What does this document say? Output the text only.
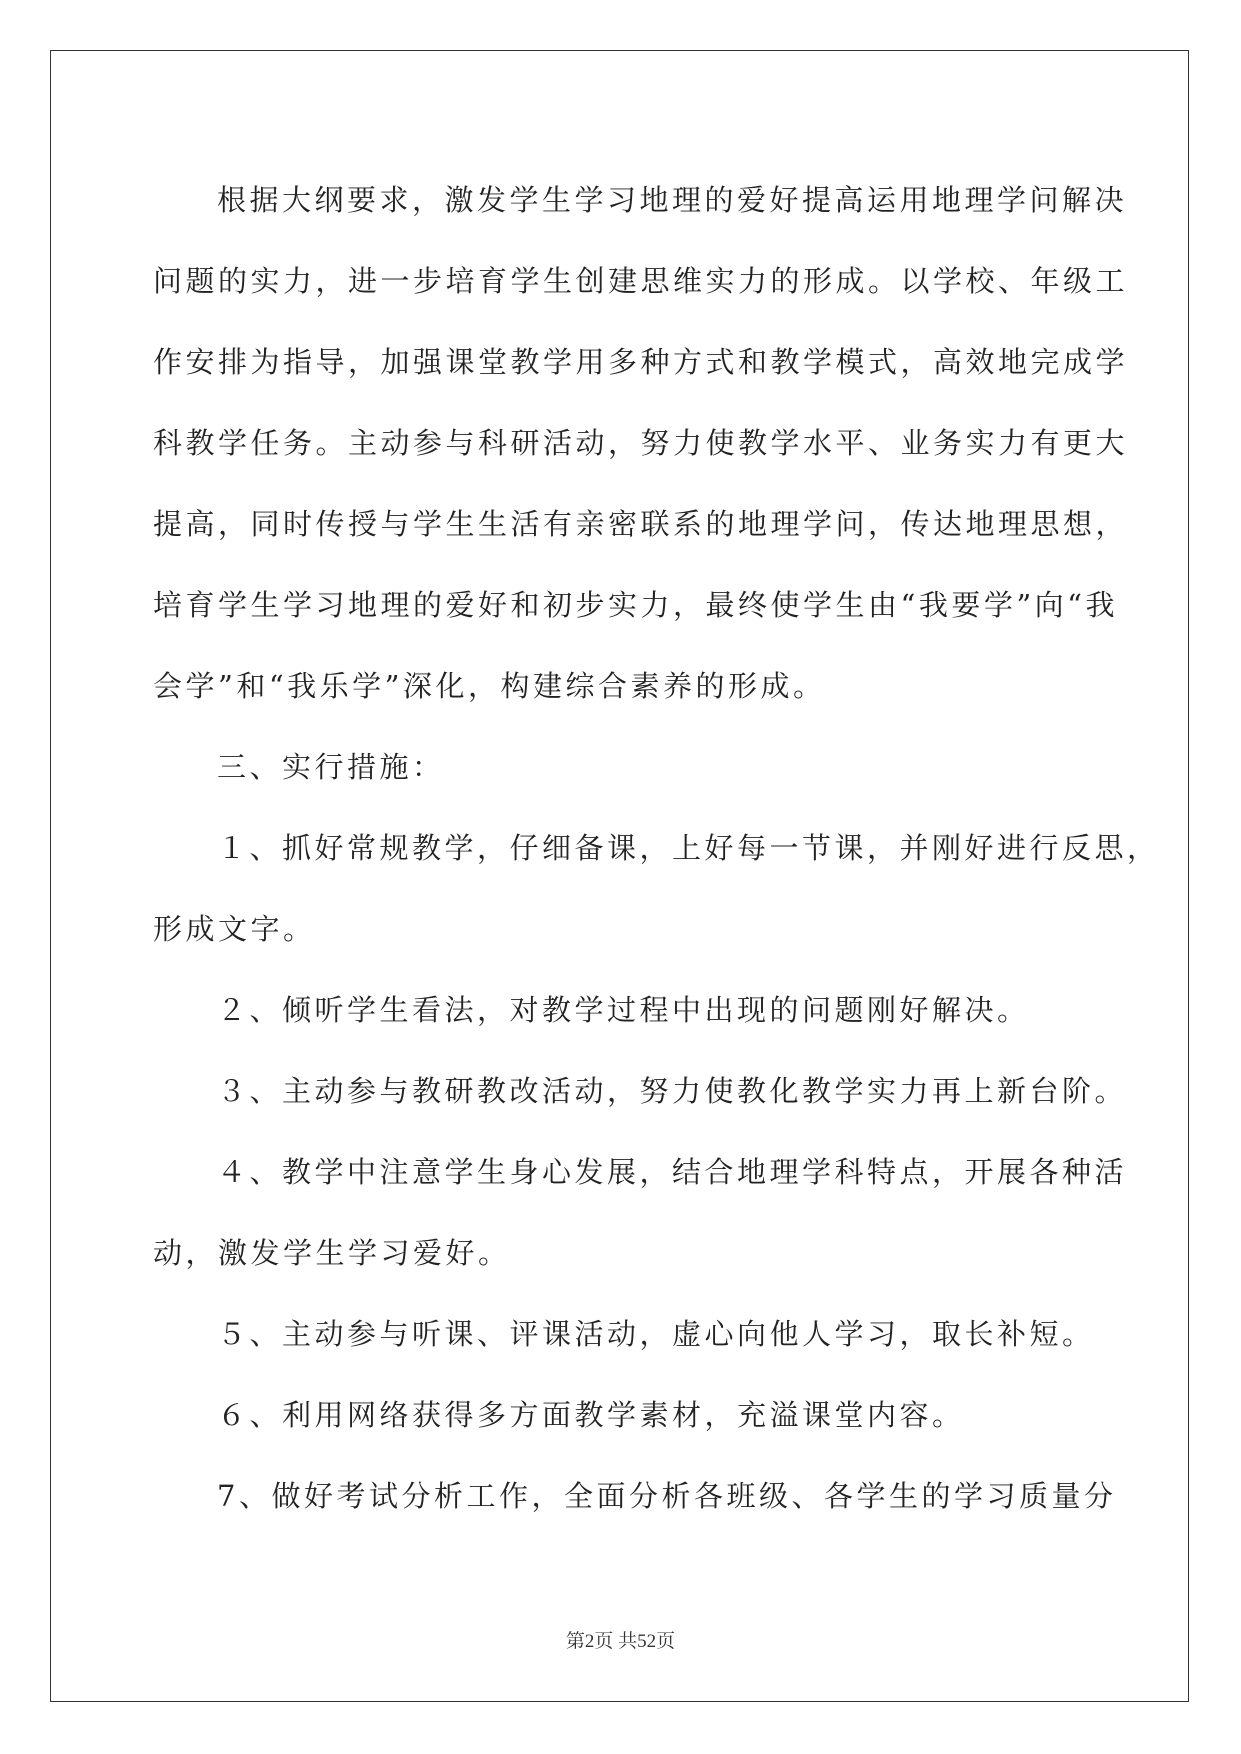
根据大纲要求，激发学生学习地理的爱好提高运用地理学问解决
问题的实力，进一步培育学生创建思维实力的形成。以学校、年级工
作安排为指导，加强课堂教学用多种方式和教学模式，高效地完成学
科教学任务。主动参与科研活动，努力使教学水平、业务实力有更大
提高，同时传授与学生生活有亲密联系的地理学问，传达地理思想，
培育学生学习地理的爱好和初步实力，最终使学生由“我要学”向“我
会学”和“我乐学”深化，构建综合素养的形成。
三、实行措施：
１、抓好常规教学，仔细备课，上好每一节课，并刚好进行反思，
形成文字。
２、倾听学生看法，对教学过程中出现的问题刚好解决。
３、主动参与教研教改活动，努力使教化教学实力再上新台阶。
４、教学中注意学生身心发展，结合地理学科特点，开展各种活
动，激发学生学习爱好。
５、主动参与听课、评课活动，虚心向他人学习，取长补短。
６、利用网络获得多方面教学素材，充溢课堂内容。
7、做好考试分析工作，全面分析各班级、各学生的学习质量分
第2页 共52页
